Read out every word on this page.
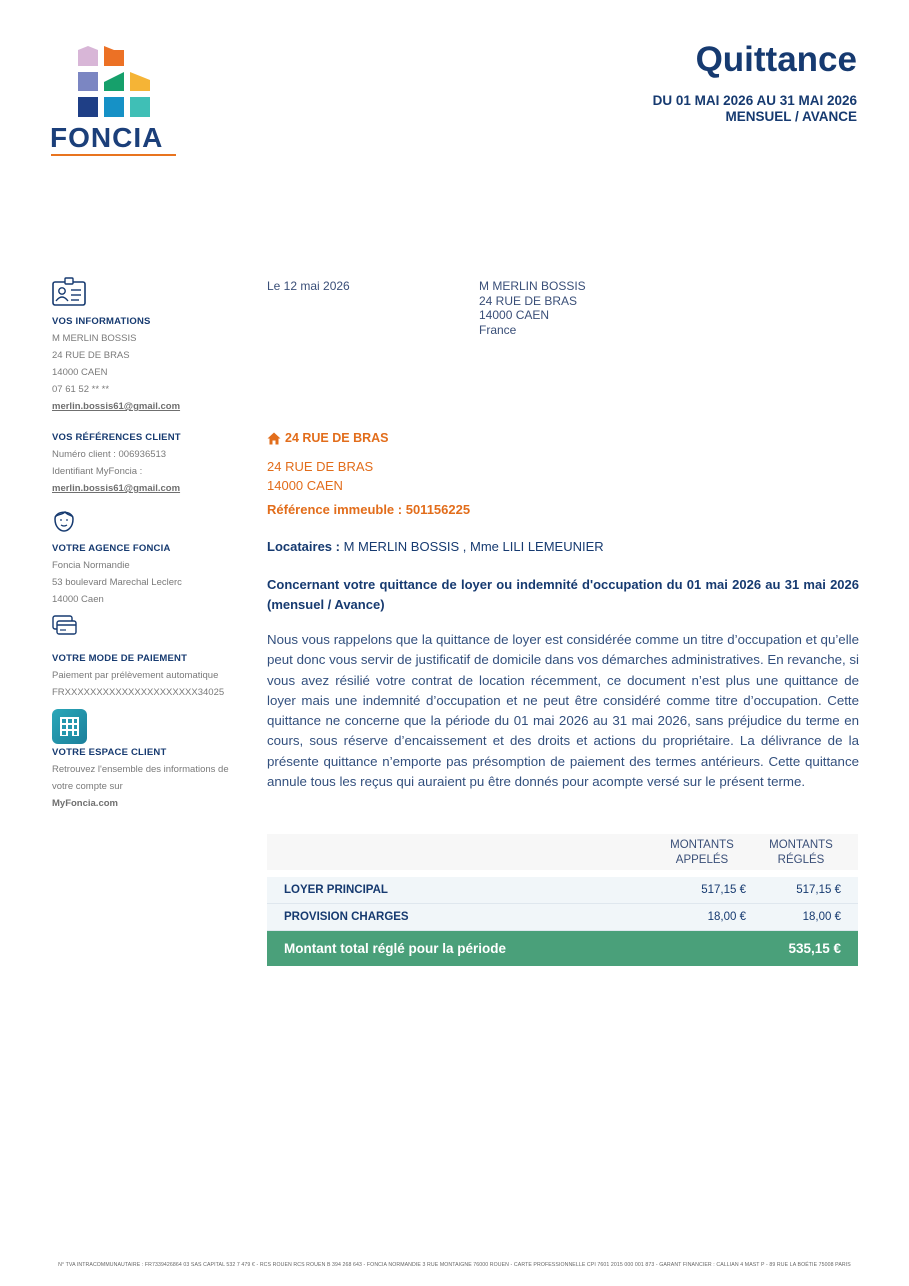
FONCIA
Quittance
DU 01 MAI 2026 AU 31 MAI 2026
MENSUEL / AVANCE
VOS INFORMATIONS
M MERLIN BOSSIS
24 RUE DE BRAS
14000 CAEN
07 61 52 ** **
merlin.bossis61@gmail.com
VOS RÉFÉRENCES CLIENT
Numéro client : 006936513
Identifiant MyFoncia :
merlin.bossis61@gmail.com
VOTRE AGENCE FONCIA
Foncia Normandie
53 boulevard Marechal Leclerc
14000 Caen
VOTRE MODE DE PAIEMENT
Paiement par prélèvement automatique
FRXXXXXXXXXXXXXXXXXXXXX34025
VOTRE ESPACE CLIENT
Retrouvez l'ensemble des informations de
votre compte sur
MyFoncia.com
Le 12 mai 2026	M MERLIN BOSSIS
24 RUE DE BRAS
14000 CAEN
France
24 RUE DE BRAS
24 RUE DE BRAS
14000 CAEN
Référence immeuble : 501156225
Locataires : M MERLIN BOSSIS , Mme LILI LEMEUNIER
Concernant votre quittance de loyer ou indemnité d'occupation du 01 mai 2026 au 31 mai 2026 (mensuel / Avance)
Nous vous rappelons que la quittance de loyer est considérée comme un titre d’occupation et qu’elle peut donc vous servir de justificatif de domicile dans vos démarches administratives. En revanche, si vous avez résilié votre contrat de location récemment, ce document n’est plus une quittance de loyer mais une indemnité d’occupation et ne peut être considéré comme titre d’occupation. Cette quittance ne concerne que la période du 01 mai 2026 au 31 mai 2026, sans préjudice du terme en cours, sous réserve d’encaissement et des droits et actions du propriétaire. La délivrance de la présente quittance n’emporte pas présomption de paiement des termes antérieurs. Cette quittance annule tous les reçus qui auraient pu être donnés pour acompte versé sur le présent terme.
MONTANTS
APPELÉS
MONTANTS
RÉGLÉS
LOYER PRINCIPAL	517,15 €	517,15 €
PROVISION CHARGES	18,00 €	18,00 €
Montant total réglé pour la période	535,15 €
N° TVA INTRACOMMUNAUTAIRE : FR7339426864 03 SAS CAPITAL 532 7 479 € - RCS ROUEN RCS ROUEN B 394 268 643 - FONCIA NORMANDIE 3 RUE MONTAIGNE 76000 ROUEN - CARTE PROFESSIONNELLE CPI 7601 2015 000 001 873 - GARANT FINANCIER : CALLIAN 4 MAST P - 89 RUE LA BOÉTIE 75008 PARIS
